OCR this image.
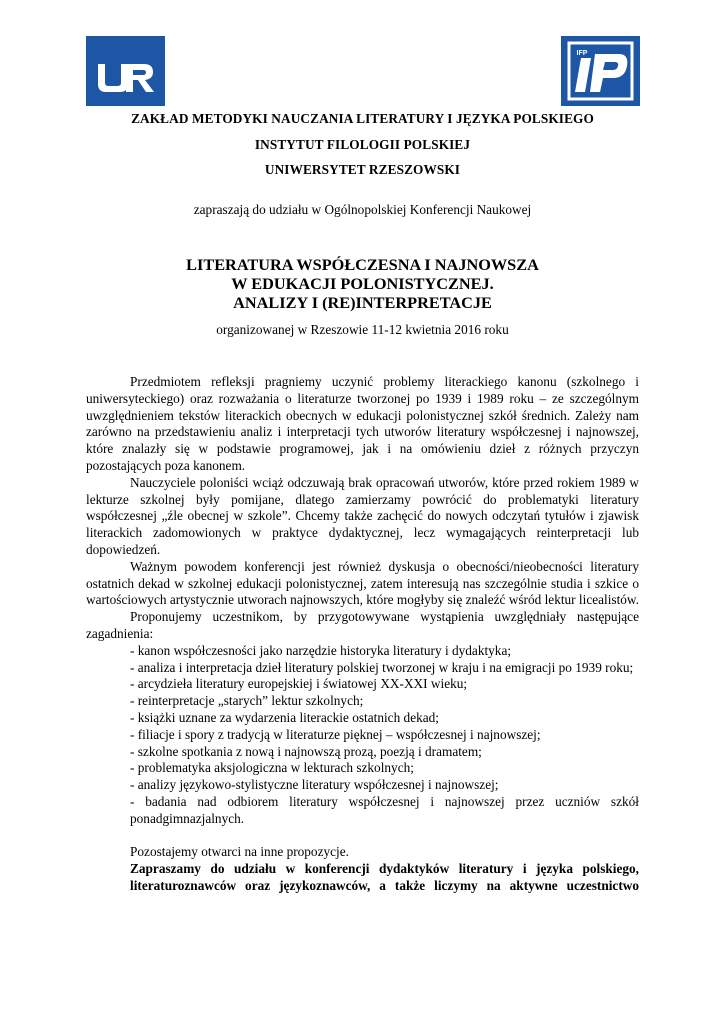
IFP
ZAKŁAD METODYKI NAUCZANIA LITERATURY I JĘZYKA POLSKIEGO
INSTYTUT FILOLOGII POLSKIEJ
UNIWERSYTET RZESZOWSKI
zapraszają do udziału w Ogólnopolskiej Konferencji Naukowej
LITERATURA WSPÓŁCZESNA I NAJNOWSZA
W EDUKACJI POLONISTYCZNEJ.
ANALIZY I (RE)INTERPRETACJE
organizowanej w Rzeszowie 11-12 kwietnia 2016 roku

Przedmiotem refleksji pragniemy uczynić problemy literackiego kanonu (szkolnego i uniwersyteckiego) oraz rozważania o literaturze tworzonej po 1939 i 1989 roku – ze szczególnym uwzględnieniem tekstów literackich obecnych w edukacji polonistycznej szkół średnich. Zależy nam zarówno na przedstawieniu analiz i interpretacji tych utworów literatury współczesnej i najnowszej, które znalazły się w podstawie programowej, jak i na omówieniu dzieł z różnych przyczyn pozostających poza kanonem.

Nauczyciele poloniści wciąż odczuwają brak opracowań utworów, które przed rokiem 1989 w lekturze szkolnej były pomijane, dlatego zamierzamy powrócić do problematyki literatury współczesnej „źle obecnej w szkole”. Chcemy także zachęcić do nowych odczytań tytułów i zjawisk literackich zadomowionych w praktyce dydaktycznej, lecz wymagających reinterpretacji lub dopowiedzeń.

Ważnym powodem konferencji jest również dyskusja o obecności/nieobecności literatury ostatnich dekad w szkolnej edukacji polonistycznej, zatem interesują nas szczególnie studia i szkice o wartościowych artystycznie utworach najnowszych, które mogłyby się znaleźć wśród lektur licealistów.

Proponujemy uczestnikom, by przygotowywane wystąpienia uwzględniały następujące zagadnienia:

- kanon współczesności jako narzędzie historyka literatury i dydaktyka;
- analiza i interpretacja dzieł literatury polskiej tworzonej w kraju i na emigracji po 1939 roku;
- arcydzieła literatury europejskiej i światowej XX-XXI wieku;
- reinterpretacje „starych” lektur szkolnych;
- książki uznane za wydarzenia literackie ostatnich dekad;
- filiacje i spory z tradycją w literaturze pięknej – współczesnej i najnowszej;
- szkolne spotkania z nową i najnowszą prozą, poezją i dramatem;
- problematyka aksjologiczna w lekturach szkolnych;
- analizy językowo-stylistyczne literatury współczesnej i najnowszej;
- badania nad odbiorem literatury współczesnej i najnowszej przez uczniów szkół ponadgimnazjalnych.

Pozostajemy otwarci na inne propozycje.

Zapraszamy do udziału w konferencji dydaktyków literatury i języka polskiego,

literaturoznawców oraz językoznawców, a także liczymy na aktywne uczestnictwo
